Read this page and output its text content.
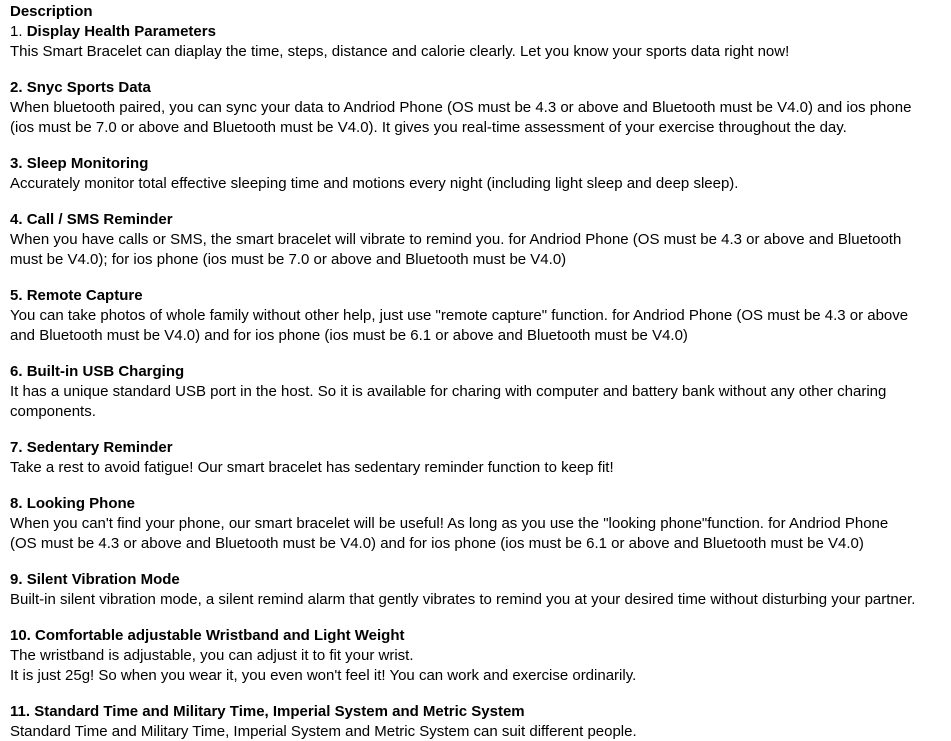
Description
1. Display Health Parameters
This Smart Bracelet can diaplay the time, steps, distance and calorie clearly. Let you know your sports data right now!
2. Snyc Sports Data
When bluetooth paired, you can sync your data to Andriod Phone (OS must be 4.3 or above and Bluetooth must be V4.0) and ios phone
(ios must be 7.0 or above and Bluetooth must be V4.0). It gives you real-time assessment of your exercise throughout the day.
3. Sleep Monitoring
Accurately monitor total effective sleeping time and motions every night (including light sleep and deep sleep).
4. Call / SMS Reminder
When you have calls or SMS, the smart bracelet will vibrate to remind you. for Andriod Phone (OS must be 4.3 or above and Bluetooth
must be V4.0); for ios phone (ios must be 7.0 or above and Bluetooth must be V4.0)
5. Remote Capture
You can take photos of whole family without other help, just use "remote capture" function. for Andriod Phone (OS must be 4.3 or above
and Bluetooth must be V4.0) and for ios phone (ios must be 6.1 or above and Bluetooth must be V4.0)
6. Built-in USB Charging
It has a unique standard USB port in the host. So it is available for charing with computer and battery bank without any other charing
components.
7. Sedentary Reminder
Take a rest to avoid fatigue! Our smart bracelet has sedentary reminder function to keep fit!
8. Looking Phone
When you can't find your phone, our smart bracelet will be useful! As long as you use the "looking phone"function. for Andriod Phone
(OS must be 4.3 or above and Bluetooth must be V4.0) and for ios phone (ios must be 6.1 or above and Bluetooth must be V4.0)
9. Silent Vibration Mode
Built-in silent vibration mode, a silent remind alarm that gently vibrates to remind you at your desired time without disturbing your partner.
10. Comfortable adjustable Wristband and Light Weight
The wristband is adjustable, you can adjust it to fit your wrist.
It is just 25g! So when you wear it, you even won't feel it! You can work and exercise ordinarily.
11. Standard Time and Military Time, Imperial System and Metric System
Standard Time and Military Time, Imperial System and Metric System can suit different people.
